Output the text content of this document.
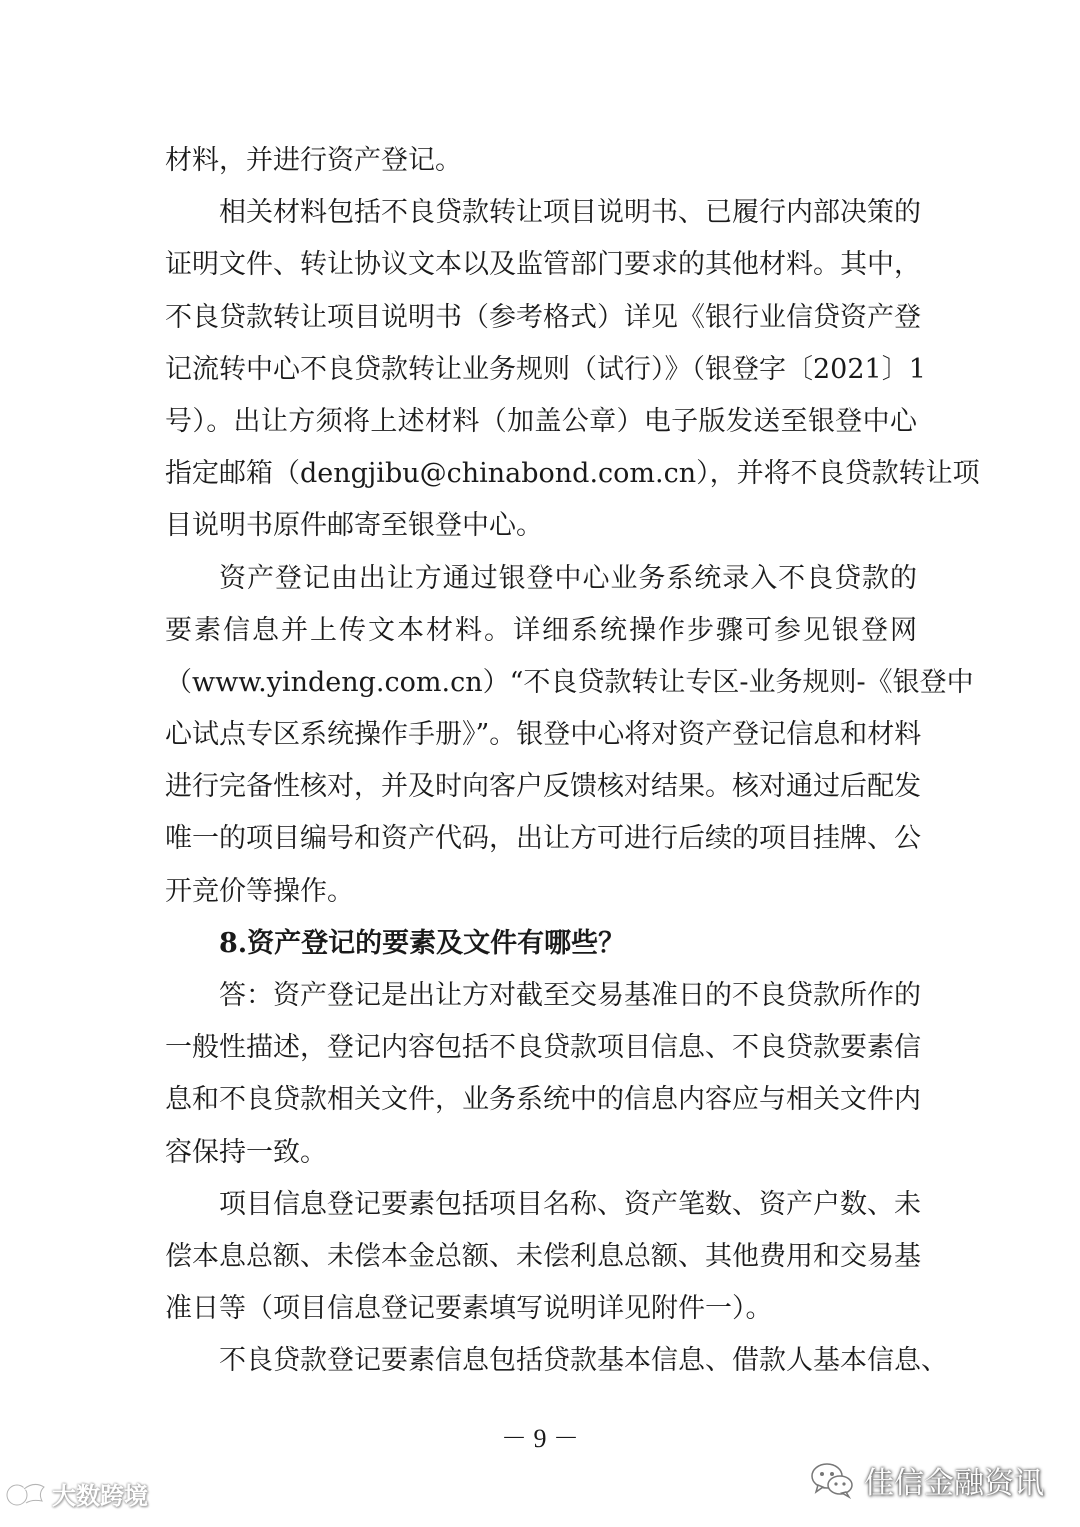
材料，并进行资产登记。
相关材料包括不良贷款转让项目说明书、已履行内部决策的
证明文件、转让协议文本以及监管部门要求的其他材料。其中，
不良贷款转让项目说明书（参考格式）详见《银行业信贷资产登
记流转中心不良贷款转让业务规则（试行）》（银登字〔2021〕1
号）。出让方须将上述材料（加盖公章）电子版发送至银登中心
指定邮箱（dengjibu@chinabond.com.cn），并将不良贷款转让项
目说明书原件邮寄至银登中心。
资产登记由出让方通过银登中心业务系统录入不良贷款的
要素信息并上传文本材料。详细系统操作步骤可参见银登网
（www.yindeng.com.cn）“不良贷款转让专区-业务规则-《银登中
心试点专区系统操作手册》”。银登中心将对资产登记信息和材料
进行完备性核对，并及时向客户反馈核对结果。核对通过后配发
唯一的项目编号和资产代码，出让方可进行后续的项目挂牌、公
开竞价等操作。
8.资产登记的要素及文件有哪些？
答：资产登记是出让方对截至交易基准日的不良贷款所作的
一般性描述，登记内容包括不良贷款项目信息、不良贷款要素信
息和不良贷款相关文件，业务系统中的信息内容应与相关文件内
容保持一致。
项目信息登记要素包括项目名称、资产笔数、资产户数、未
偿本息总额、未偿本金总额、未偿利息总额、其他费用和交易基
准日等（项目信息登记要素填写说明详见附件一）。
不良贷款登记要素信息包括贷款基本信息、借款人基本信息、
－ 9 －
大数跨境	佳信金融资讯
